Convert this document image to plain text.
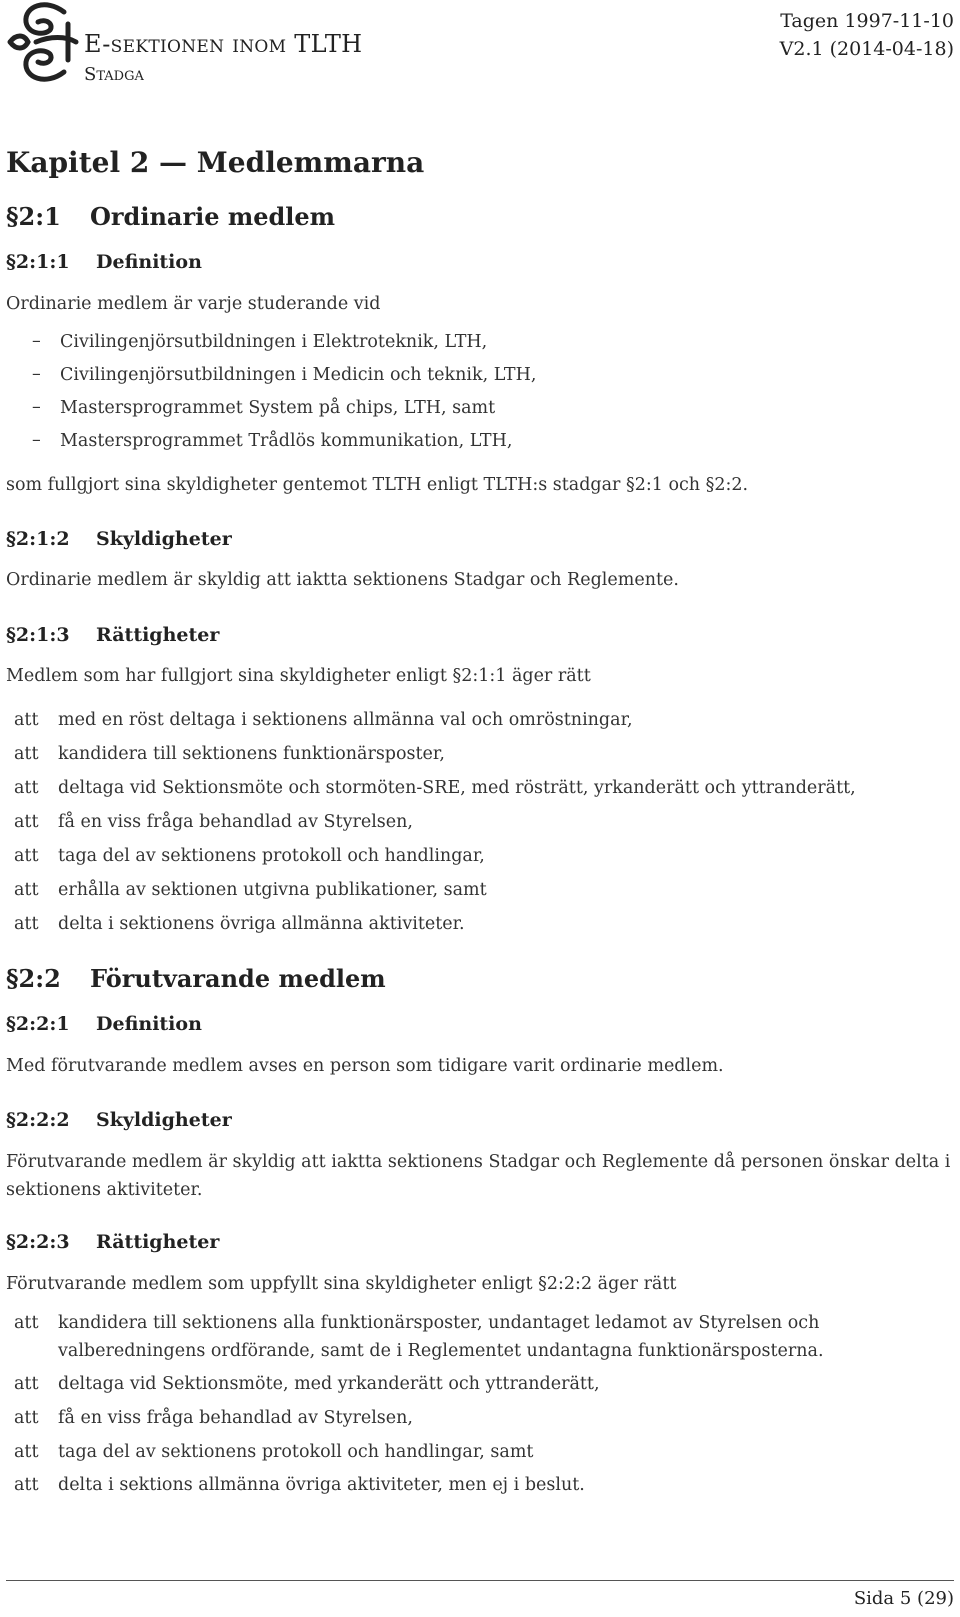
E-sektionen inom TLTH
Stadga
Tagen 1997-11-10
V2.1 (2014-04-18)
Kapitel 2 — Medlemmarna
§2:1 Ordinarie medlem
§2:1:1 Definition
Ordinarie medlem är varje studerande vid
– Civilingenjörsutbildningen i Elektroteknik, LTH,
– Civilingenjörsutbildningen i Medicin och teknik, LTH,
– Mastersprogrammet System på chips, LTH, samt
– Mastersprogrammet Trådlös kommunikation, LTH,
som fullgjort sina skyldigheter gentemot TLTH enligt TLTH:s stadgar §2:1 och §2:2.
§2:1:2 Skyldigheter
Ordinarie medlem är skyldig att iaktta sektionens Stadgar och Reglemente.
§2:1:3 Rättigheter
Medlem som har fullgjort sina skyldigheter enligt §2:1:1 äger rätt
att	med en röst deltaga i sektionens allmänna val och omröstningar,
att	kandidera till sektionens funktionärsposter,
att	deltaga vid Sektionsmöte och stormöten-SRE, med rösträtt, yrkanderätt och yttranderätt,
att	få en viss fråga behandlad av Styrelsen,
att	taga del av sektionens protokoll och handlingar,
att	erhålla av sektionen utgivna publikationer, samt
att	delta i sektionens övriga allmänna aktiviteter.
§2:2 Förutvarande medlem
§2:2:1 Definition
Med förutvarande medlem avses en person som tidigare varit ordinarie medlem.
§2:2:2 Skyldigheter
Förutvarande medlem är skyldig att iaktta sektionens Stadgar och Reglemente då personen önskar delta i sektionens aktiviteter.
§2:2:3 Rättigheter
Förutvarande medlem som uppfyllt sina skyldigheter enligt §2:2:2 äger rätt
att	kandidera till sektionens alla funktionärsposter, undantaget ledamot av Styrelsen och valberedningens ordförande, samt de i Reglementet undantagna funktionärsposterna.
att	deltaga vid Sektionsmöte, med yrkanderätt och yttranderätt,
att	få en viss fråga behandlad av Styrelsen,
att	taga del av sektionens protokoll och handlingar, samt
att	delta i sektions allmänna övriga aktiviteter, men ej i beslut.
Sida 5 (29)
